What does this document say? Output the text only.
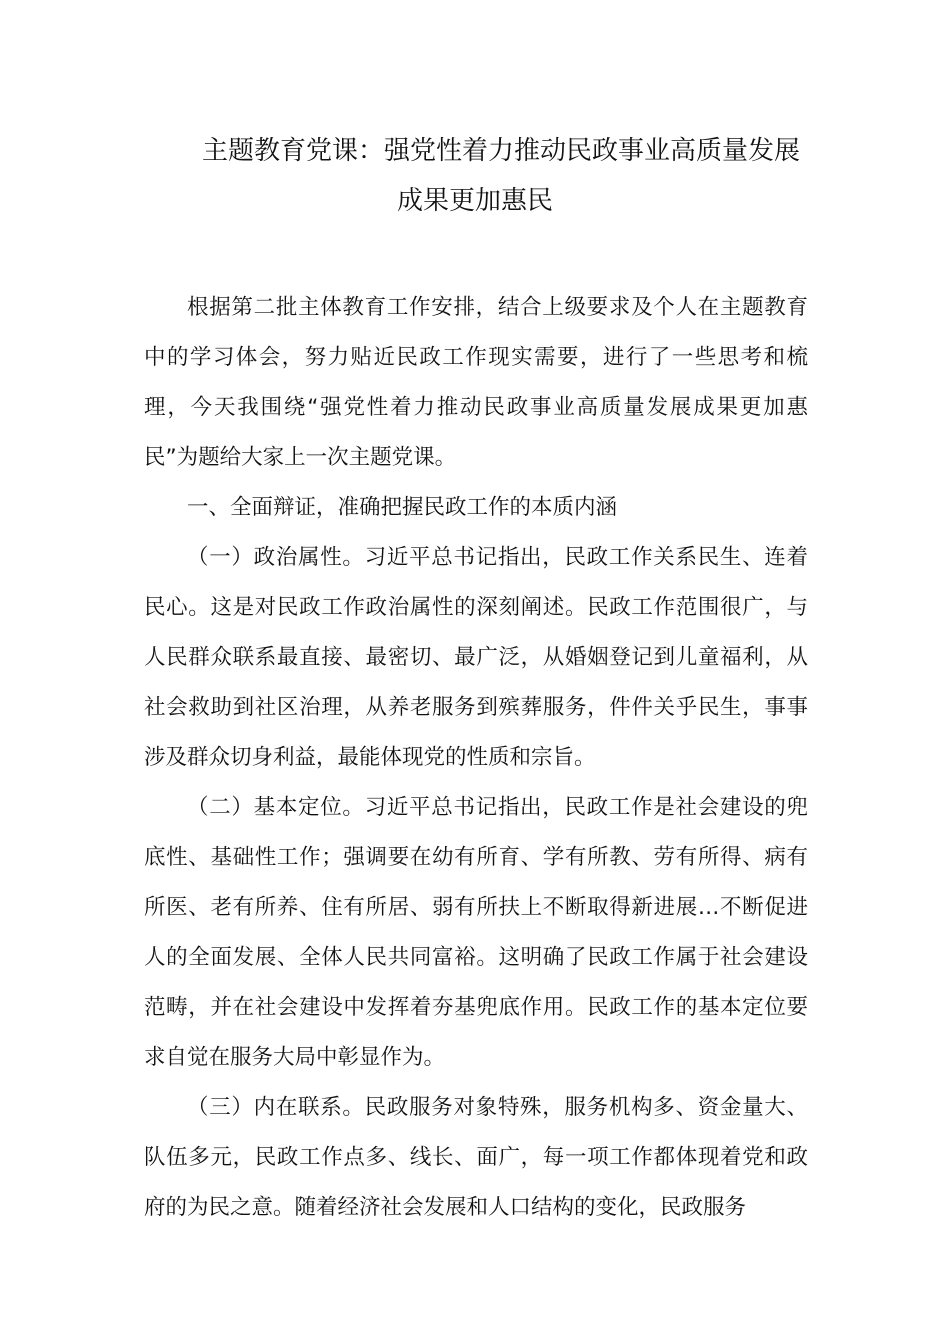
主题教育党课：强党性着力推动民政事业高质量发展
成果更加惠民

根据第二批主体教育工作安排，结合上级要求及个人在主题教育中的学习体会，努力贴近民政工作现实需要，进行了一些思考和梳理，今天我围绕“强党性着力推动民政事业高质量发展成果更加惠民”为题给大家上一次主题党课。

一、全面辩证，准确把握民政工作的本质内涵

（一）政治属性。习近平总书记指出，民政工作关系民生、连着民心。这是对民政工作政治属性的深刻阐述。民政工作范围很广，与人民群众联系最直接、最密切、最广泛，从婚姻登记到儿童福利，从社会救助到社区治理，从养老服务到殡葬服务，件件关乎民生，事事涉及群众切身利益，最能体现党的性质和宗旨。

（二）基本定位。习近平总书记指出，民政工作是社会建设的兜底性、基础性工作；强调要在幼有所育、学有所教、劳有所得、病有所医、老有所养、住有所居、弱有所扶上不断取得新进展…不断促进人的全面发展、全体人民共同富裕。这明确了民政工作属于社会建设范畴，并在社会建设中发挥着夯基兜底作用。民政工作的基本定位要求自觉在服务大局中彰显作为。

（三）内在联系。民政服务对象特殊，服务机构多、资金量大、队伍多元，民政工作点多、线长、面广，每一项工作都体现着党和政府的为民之意。随着经济社会发展和人口结构的变化，民政服务
